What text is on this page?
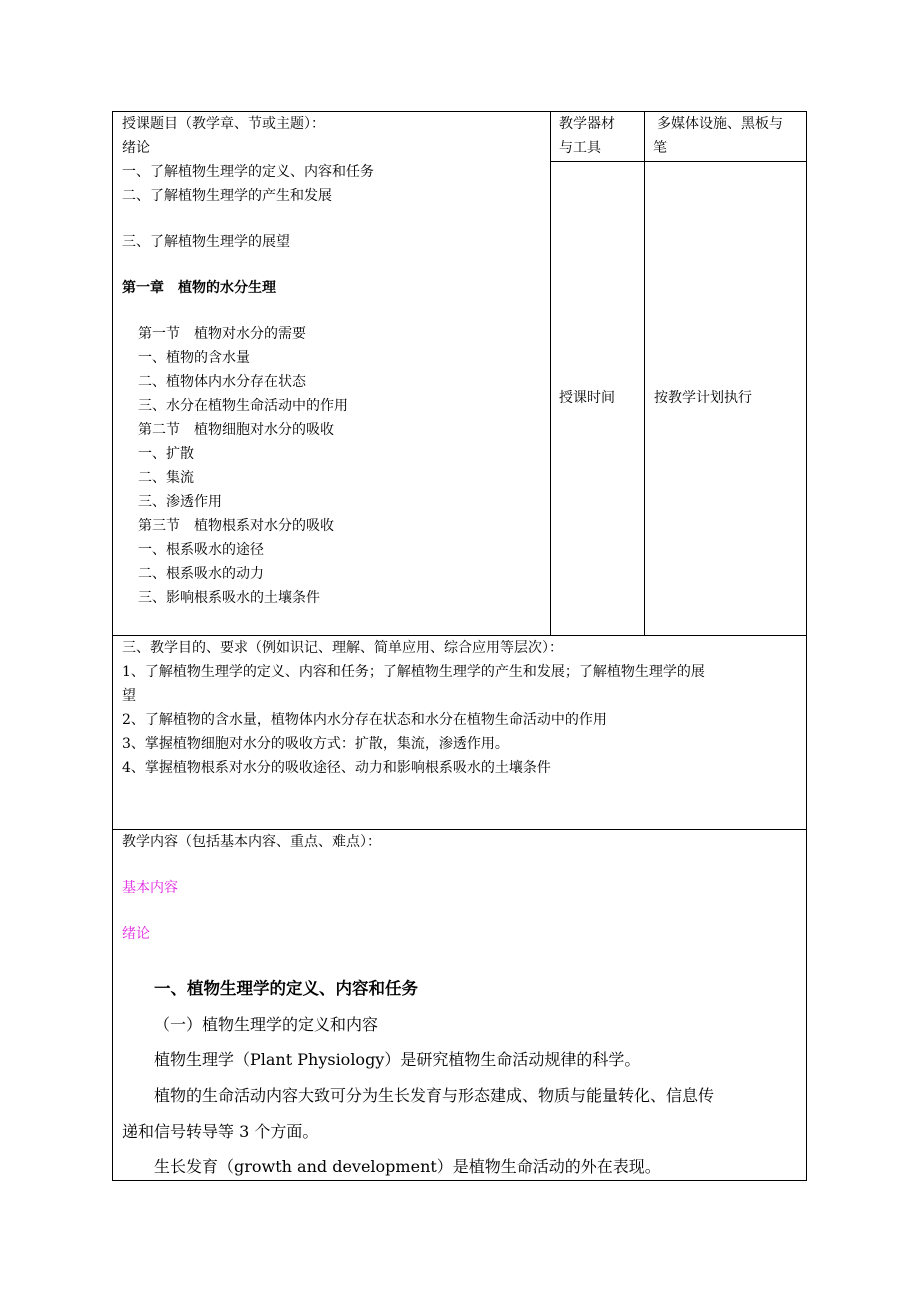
授课题目（教学章、节或主题）：
绪论
一、了解植物生理学的定义、内容和任务
二、了解植物生理学的产生和发展
三、了解植物生理学的展望
第一章　植物的水分生理
第一节　植物对水分的需要
一、植物的含水量
二、植物体内水分存在状态
三、水分在植物生命活动中的作用
第二节　植物细胞对水分的吸收
一、扩散
二、集流
三、渗透作用
第三节　植物根系对水分的吸收
一、根系吸水的途径
二、根系吸水的动力
三、影响根系吸水的土壤条件
教学器材
与工具
多媒体设施、黑板与
笔
授课时间	按教学计划执行
三、教学目的、要求（例如识记、理解、简单应用、综合应用等层次）：
1、了解植物生理学的定义、内容和任务；了解植物生理学的产生和发展；了解植物生理学的展
望
2、了解植物的含水量，植物体内水分存在状态和水分在植物生命活动中的作用
3、掌握植物细胞对水分的吸收方式：扩散，集流，渗透作用。
4、掌握植物根系对水分的吸收途径、动力和影响根系吸水的土壤条件
教学内容（包括基本内容、重点、难点）：
基本内容
绪论
一、植物生理学的定义、内容和任务
（一）植物生理学的定义和内容
植物生理学（Plant Physiology）是研究植物生命活动规律的科学。
植物的生命活动内容大致可分为生长发育与形态建成、物质与能量转化、信息传
递和信号转导等 3 个方面。
生长发育（growth and development）是植物生命活动的外在表现。
